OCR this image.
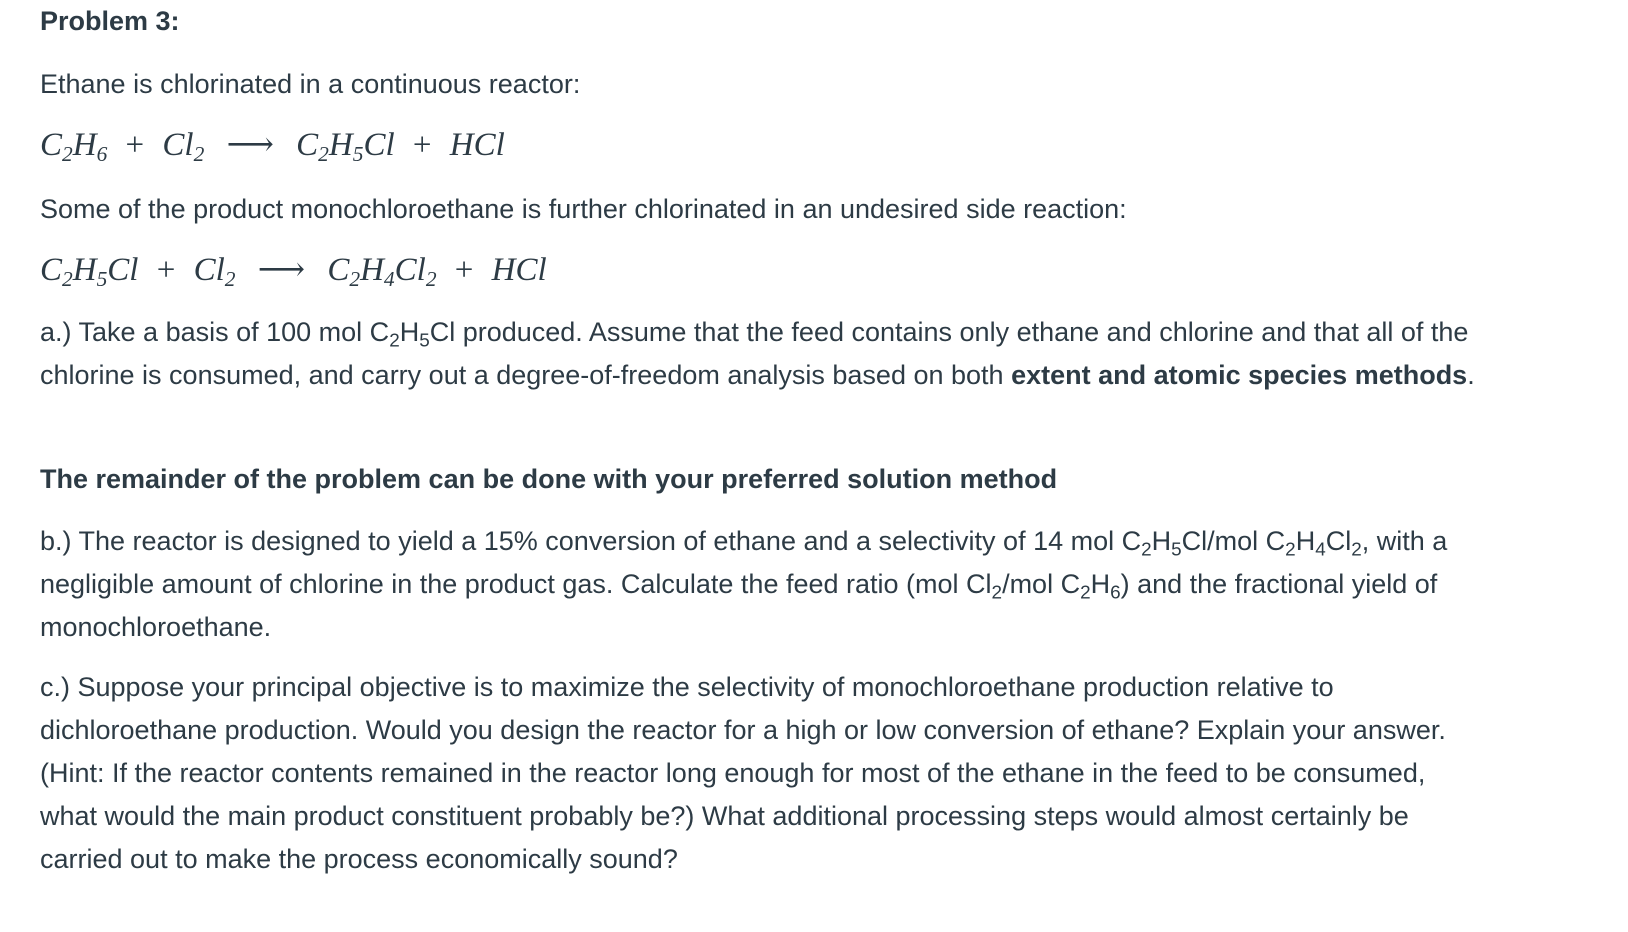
Problem 3:

Ethane is chlorinated in a continuous reactor:

$C_2H_6 + Cl_2$ ⟶ $C_2H_5Cl$ + HCl

Some of the product monochloroethane is further chlorinated in an undesired side reaction:

$C_2H_5Cl + Cl_2$ ⟶ $C_2H_4Cl_2$ + HCl

a.) Take a basis of 100 mol $C_2H_5Cl$ produced. Assume that the feed contains only ethane and chlorine and that all of the chlorine is consumed, and carry out a degree-of-freedom analysis based on both extent and atomic species methods.

The remainder of the problem can be done with your preferred solution method

b.) The reactor is designed to yield a 15% conversion of ethane and a selectivity of 14 mol $C_2H_5Cl$/mol $C_2H_4Cl_2$, with a negligible amount of chlorine in the product gas. Calculate the feed ratio (mol $Cl_2$/mol $C_2H_6$) and the fractional yield of monochloroethane.

c.) Suppose your principal objective is to maximize the selectivity of monochloroethane production relative to dichloroethane production. Would you design the reactor for a high or low conversion of ethane? Explain your answer. (Hint: If the reactor contents remained in the reactor long enough for most of the ethane in the feed to be consumed, what would the main product constituent probably be?) What additional processing steps would almost certainly be carried out to make the process economically sound?
